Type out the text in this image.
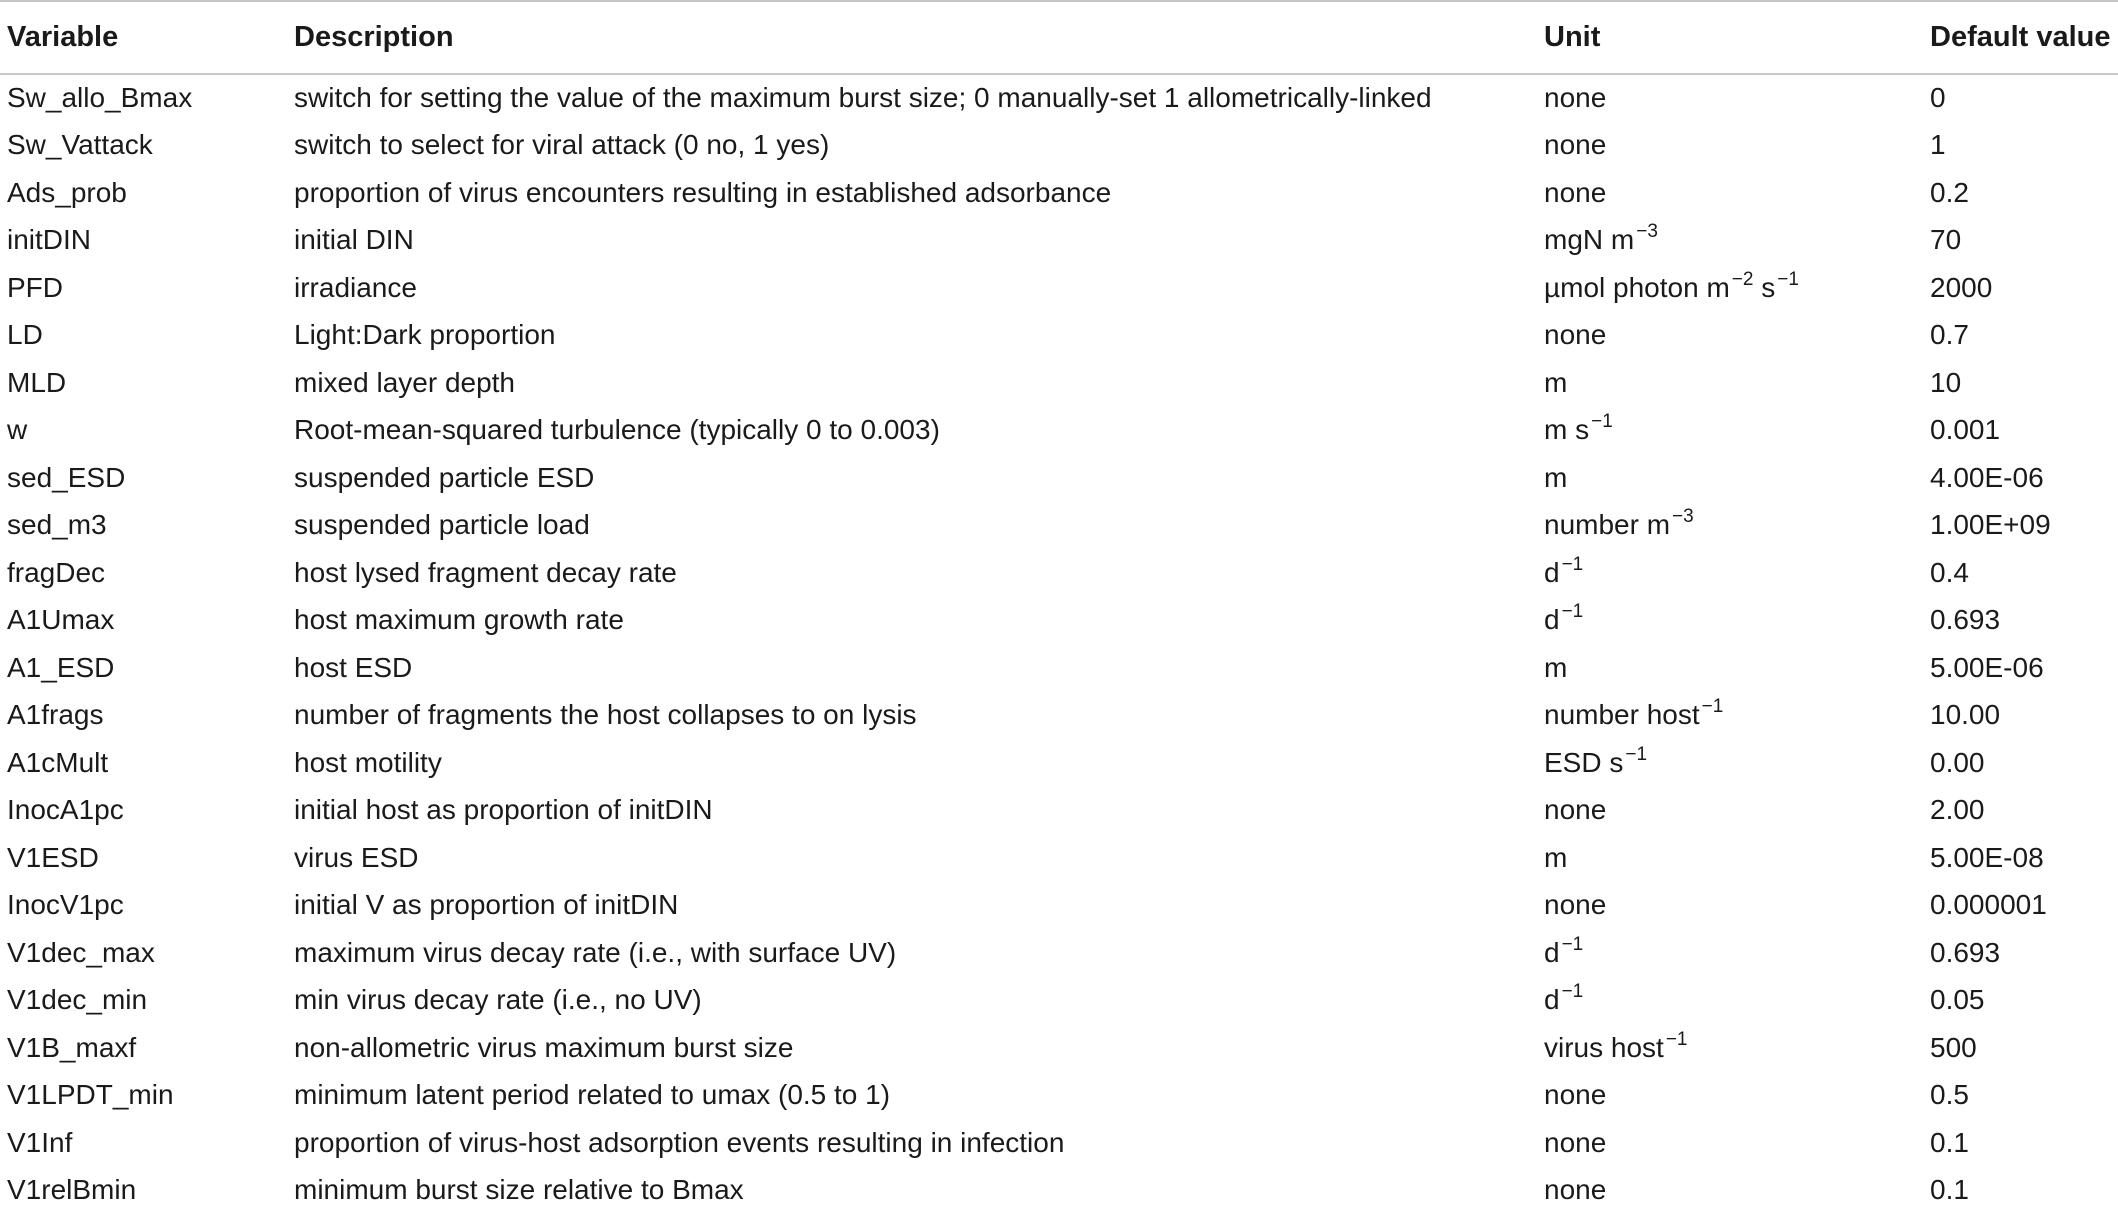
Variable	Description	Unit	Default value
Sw_allo_Bmax	switch for setting the value of the maximum burst size; 0 manually-set 1 allometrically-linked	none	0
Sw_Vattack	switch to select for viral attack (0 no, 1 yes)	none	1
Ads_prob	proportion of virus encounters resulting in established adsorbance	none	0.2
initDIN	initial DIN	mgN m $^{-3}$	70
PFD	irradiance	µmol photon m $^{-2}$ s $^{-1}$	2000
LD	Light:Dark proportion	none	0.7
MLD	mixed layer depth	m	10
w	Root-mean-squared turbulence (typically 0 to 0.003)	m s $^{-1}$	0.001
sed_ESD	suspended particle ESD	m	4.00E-06
sed_m3	suspended particle load	number m $^{-3}$	1.00E+09
fragDec	host lysed fragment decay rate	d $^{-1}$	0.4
A1Umax	host maximum growth rate	d $^{-1}$	0.693
A1_ESD	host ESD	m	5.00E-06
A1frags	number of fragments the host collapses to on lysis	number host $^{-1}$	10.00
A1cMult	host motility	ESD s $^{-1}$	0.00
InocA1pc	initial host as proportion of initDIN	none	2.00
V1ESD	virus ESD	m	5.00E-08
InocV1pc	initial V as proportion of initDIN	none	0.000001
V1dec_max	maximum virus decay rate (i.e., with surface UV)	d $^{-1}$	0.693
V1dec_min	min virus decay rate (i.e., no UV)	d $^{-1}$	0.05
V1B_maxf	non-allometric virus maximum burst size	virus host $^{-1}$	500
V1LPDT_min	minimum latent period related to umax (0.5 to 1)	none	0.5
V1Inf	proportion of virus-host adsorption events resulting in infection	none	0.1
V1relBmin	minimum burst size relative to Bmax	none	0.1
